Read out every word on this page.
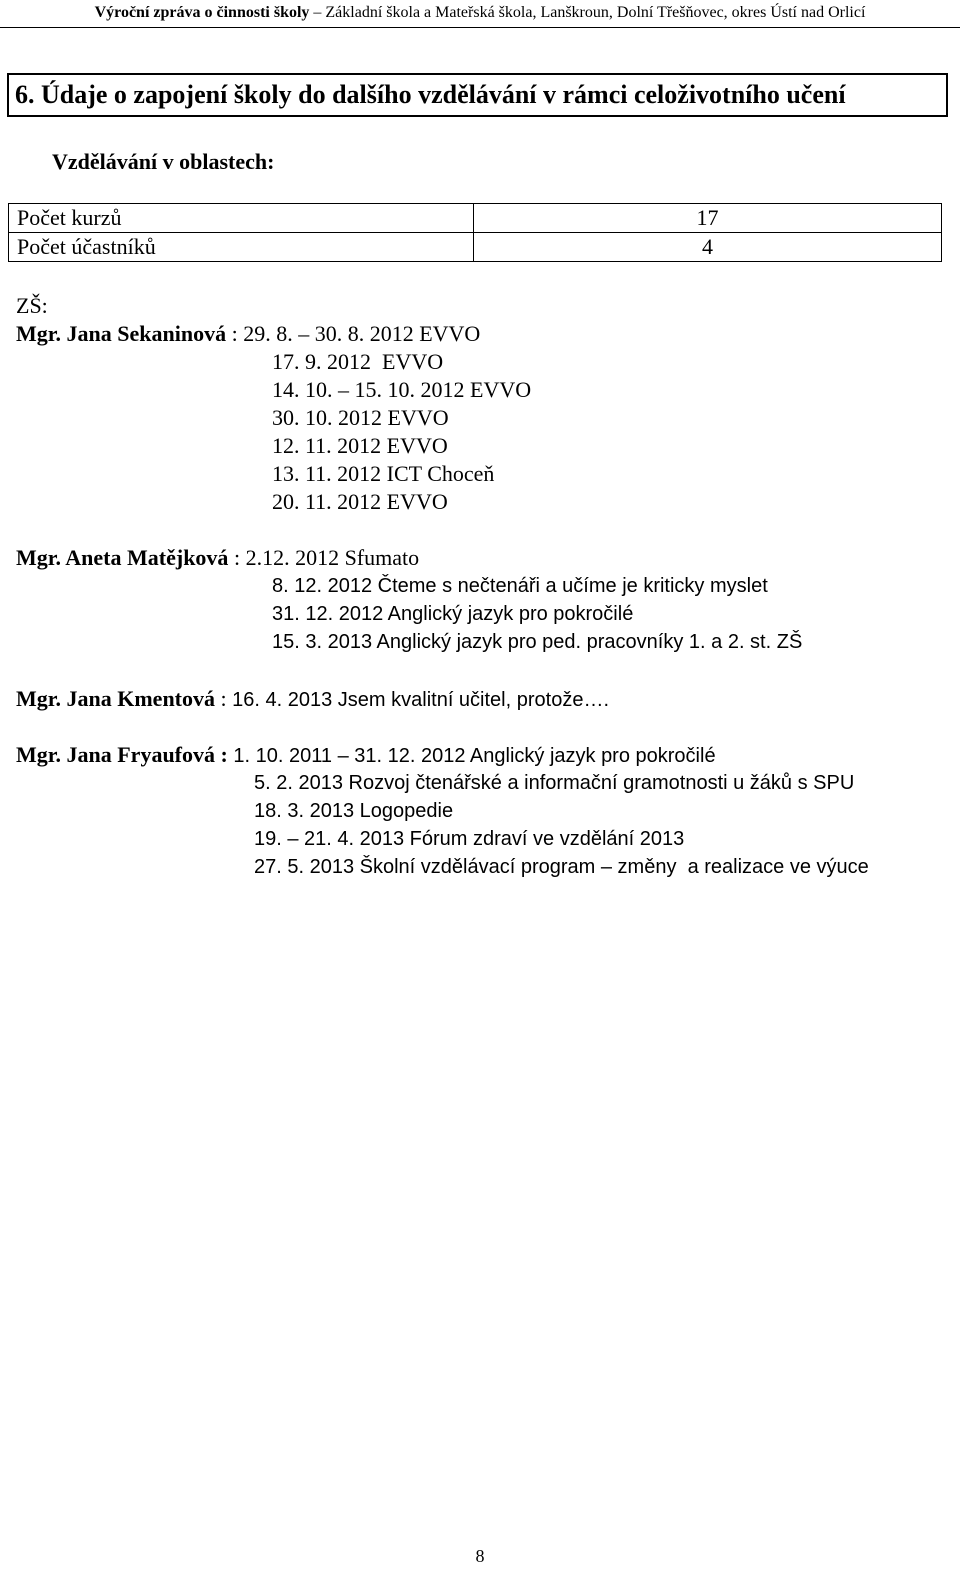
Výroční zpráva o činnosti školy – Základní škola a Mateřská škola, Lanškroun, Dolní Třešňovec, okres Ústí nad Orlicí
6. Údaje o zapojení školy do dalšího vzdělávání v rámci celoživotního učení
Vzdělávání v oblastech:
Počet kurzů	17
Počet účastníků	4
ZŠ:
Mgr. Jana Sekaninová : 29. 8. – 30. 8. 2012 EVVO
17. 9. 2012  EVVO
14. 10. – 15. 10. 2012 EVVO
30. 10. 2012 EVVO
12. 11. 2012 EVVO
13. 11. 2012 ICT Choceň
20. 11. 2012 EVVO
Mgr. Aneta Matějková : 2.12. 2012 Sfumato
8. 12. 2012 Čteme s nečtenáři a učíme je kriticky myslet
31. 12. 2012 Anglický jazyk pro pokročilé
15. 3. 2013 Anglický jazyk pro ped. pracovníky 1. a 2. st. ZŠ
Mgr. Jana Kmentová : 16. 4. 2013 Jsem kvalitní učitel, protože….
Mgr. Jana Fryaufová : 1. 10. 2011 – 31. 12. 2012 Anglický jazyk pro pokročilé
5. 2. 2013 Rozvoj čtenářské a informační gramotnosti u žáků s SPU
18. 3. 2013 Logopedie
19. – 21. 4. 2013 Fórum zdraví ve vzdělání 2013
27. 5. 2013 Školní vzdělávací program – změny  a realizace ve výuce
8
